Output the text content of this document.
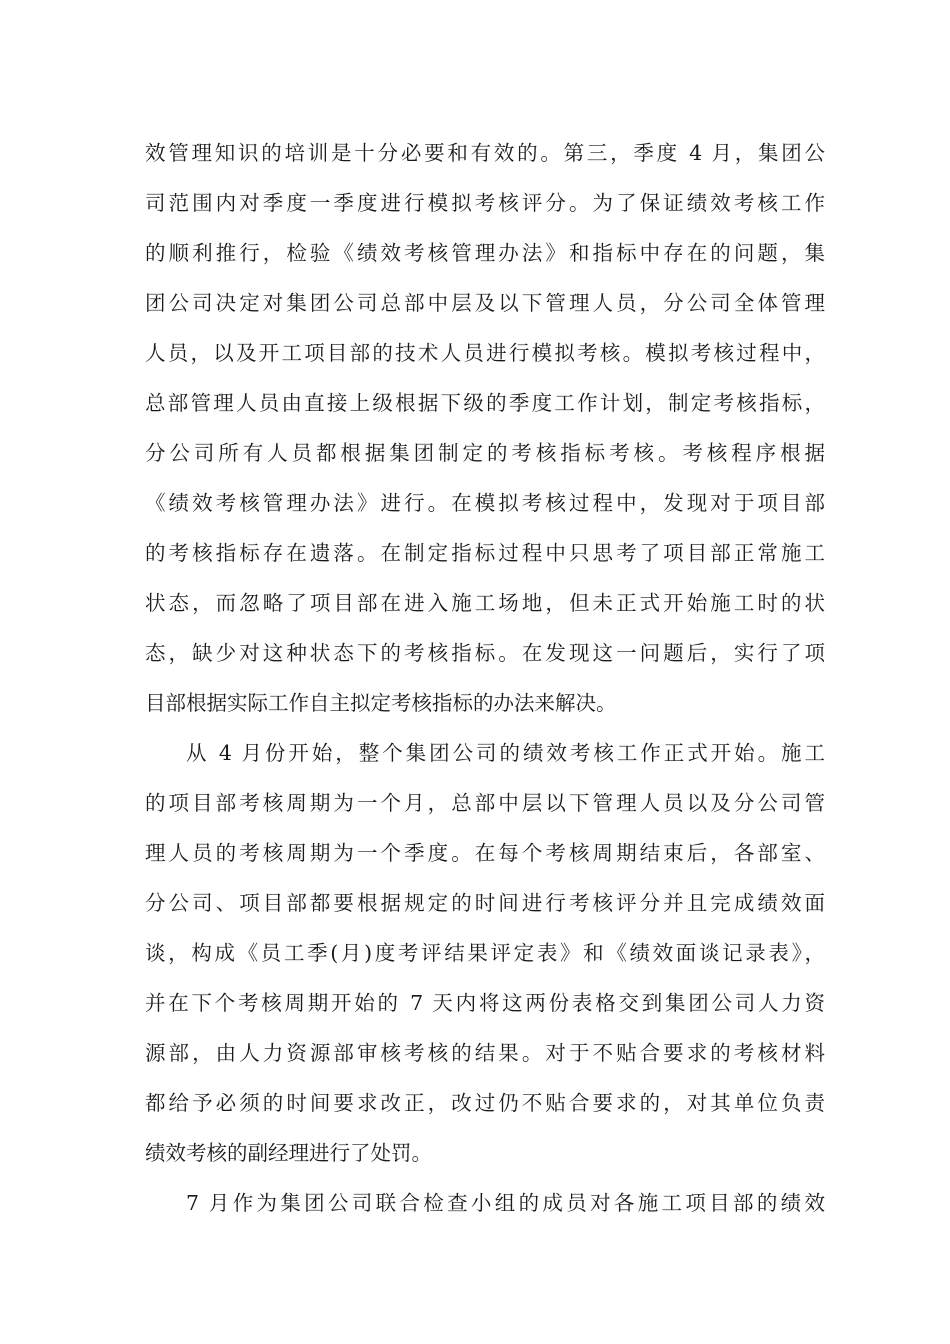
效管理知识的培训是十分必要和有效的。第三，季度 4 月，集团公
司范围内对季度一季度进行模拟考核评分。为了保证绩效考核工作
的顺利推行，检验《绩效考核管理办法》和指标中存在的问题，集
团公司决定对集团公司总部中层及以下管理人员，分公司全体管理
人员，以及开工项目部的技术人员进行模拟考核。模拟考核过程中，
总部管理人员由直接上级根据下级的季度工作计划，制定考核指标，
分公司所有人员都根据集团制定的考核指标考核。考核程序根据
《绩效考核管理办法》进行。在模拟考核过程中，发现对于项目部
的考核指标存在遗落。在制定指标过程中只思考了项目部正常施工
状态，而忽略了项目部在进入施工场地，但未正式开始施工时的状
态，缺少对这种状态下的考核指标。在发现这一问题后，实行了项
目部根据实际工作自主拟定考核指标的办法来解决。
从 4 月份开始，整个集团公司的绩效考核工作正式开始。施工
的项目部考核周期为一个月，总部中层以下管理人员以及分公司管
理人员的考核周期为一个季度。在每个考核周期结束后，各部室、
分公司、项目部都要根据规定的时间进行考核评分并且完成绩效面
谈，构成《员工季(月)度考评结果评定表》和《绩效面谈记录表》，
并在下个考核周期开始的 7 天内将这两份表格交到集团公司人力资
源部，由人力资源部审核考核的结果。对于不贴合要求的考核材料
都给予必须的时间要求改正，改过仍不贴合要求的，对其单位负责
绩效考核的副经理进行了处罚。
7 月作为集团公司联合检查小组的成员对各施工项目部的绩效
